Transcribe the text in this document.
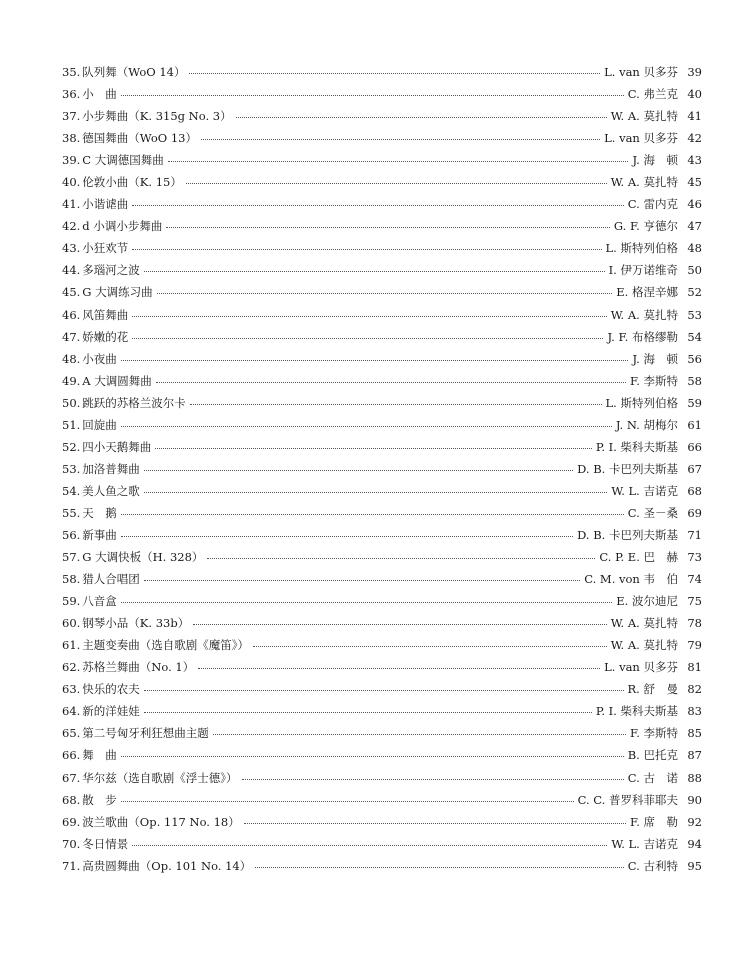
35. 队列舞（WoO 14）	L. van 贝多芬 39
36. 小　曲	C. 弗兰克 40
37. 小步舞曲（K. 315g No. 3）	W. A. 莫扎特 41
38. 德国舞曲（WoO 13）	L. van 贝多芬 42
39. C 大调德国舞曲	J. 海　顿 43
40. 伦敦小曲（K. 15）	W. A. 莫扎特 45
41. 小谐谑曲	C. 雷内克 46
42. d 小调小步舞曲	G. F. 亨德尔 47
43. 小狂欢节	L. 斯特列伯格 48
44. 多瑙河之波	I. 伊万诺维奇 50
45. G 大调练习曲	E. 格涅辛娜 52
46. 风笛舞曲	W. A. 莫扎特 53
47. 娇嫩的花	J. F. 布格缪勒 54
48. 小夜曲	J. 海　顿 56
49. A 大调圆舞曲	F. 李斯特 58
50. 跳跃的苏格兰波尔卡	L. 斯特列伯格 59
51. 回旋曲	J. N. 胡梅尔 61
52. 四小天鹅舞曲	P. I. 柴科夫斯基 66
53. 加洛普舞曲	D. B. 卡巴列夫斯基 67
54. 美人鱼之歌	W. L. 吉诺克 68
55. 天　鹅	C. 圣－桑 69
56. 新事曲	D. B. 卡巴列夫斯基 71
57. G 大调快板（H. 328）	C. P. E. 巴　赫 73
58. 猎人合唱团	C. M. von 韦　伯 74
59. 八音盒	E. 波尔迪尼 75
60. 钢琴小品（K. 33b）	W. A. 莫扎特 78
61. 主题变奏曲（选自歌剧《魔笛》）	W. A. 莫扎特 79
62. 苏格兰舞曲（No. 1）	L. van 贝多芬 81
63. 快乐的农夫	R. 舒　曼 82
64. 新的洋娃娃	P. I. 柴科夫斯基 83
65. 第二号匈牙利狂想曲主题	F. 李斯特 85
66. 舞　曲	B. 巴托克 87
67. 华尔兹（选自歌剧《浮士德》）	C. 古　诺 88
68. 散　步	C. C. 普罗科菲耶夫 90
69. 波兰歌曲（Op. 117 No. 18）	F. 席　勒 92
70. 冬日情景	W. L. 吉诺克 94
71. 高贵圆舞曲（Op. 101 No. 14）	C. 古利特 95
